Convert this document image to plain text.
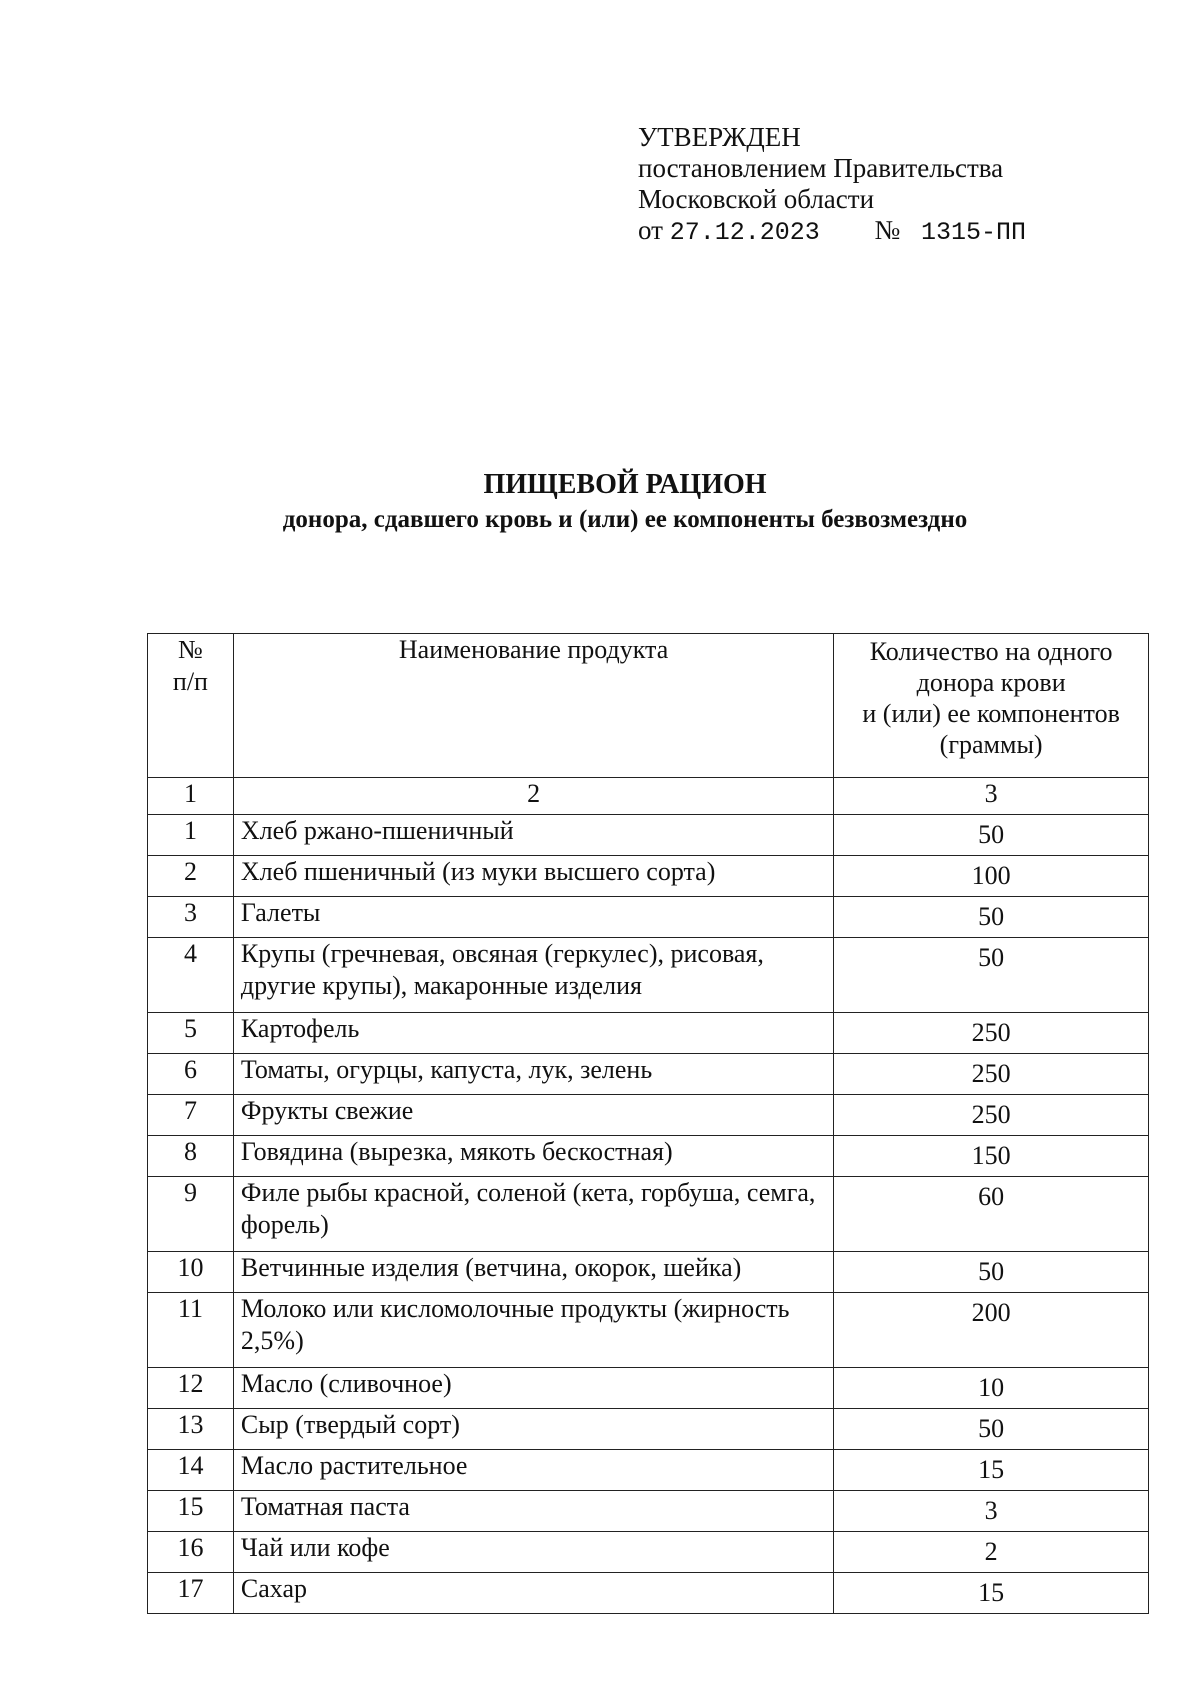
УТВЕРЖДЕН
постановлением Правительства
Московской области
от 27.12.2023 № 1315-ПП
ПИЩЕВОЙ РАЦИОН
донора, сдавшего кровь и (или) ее компоненты безвозмездно
№
п/п	Наименование продукта	Количество на одного
донора крови
и (или) ее компонентов
(граммы)
1	2	3
1	Хлеб ржано-пшеничный	50
2	Хлеб пшеничный (из муки высшего сорта)	100
3	Галеты	50
4	Крупы (гречневая, овсяная (геркулес), рисовая, другие крупы), макаронные изделия	50
5	Картофель	250
6	Томаты, огурцы, капуста, лук, зелень	250
7	Фрукты свежие	250
8	Говядина (вырезка, мякоть бескостная)	150
9	Филе рыбы красной, соленой (кета, горбуша, семга, форель)	60
10	Ветчинные изделия (ветчина, окорок, шейка)	50
11	Молоко или кисломолочные продукты (жирность 2,5%)	200
12	Масло (сливочное)	10
13	Сыр (твердый сорт)	50
14	Масло растительное	15
15	Томатная паста	3
16	Чай или кофе	2
17	Сахар	15
